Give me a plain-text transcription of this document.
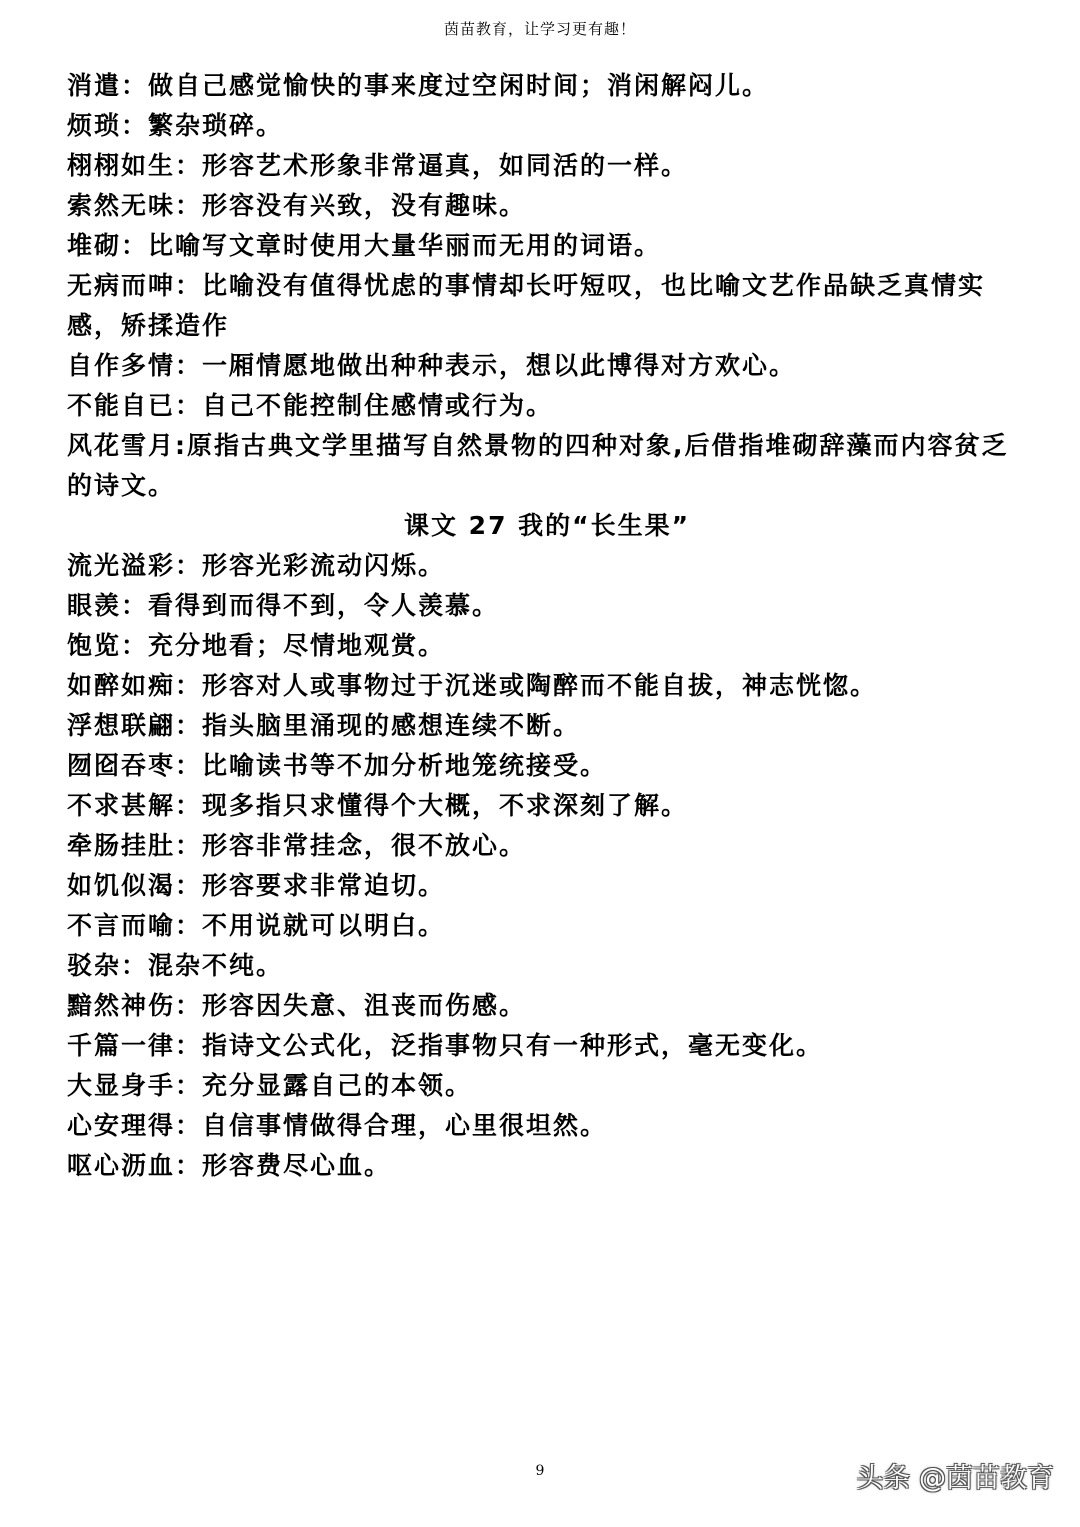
茵苗教育，让学习更有趣！

消遣：做自己感觉愉快的事来度过空闲时间；消闲解闷儿。

烦琐：繁杂琐碎。

栩栩如生：形容艺术形象非常逼真，如同活的一样。

索然无味：形容没有兴致，没有趣味。

堆砌：比喻写文章时使用大量华丽而无用的词语。

无病而呻：比喻没有值得忧虑的事情却长吁短叹，也比喻文艺作品缺乏真情实感，矫揉造作

自作多情：一厢情愿地做出种种表示，想以此博得对方欢心。

不能自已：自己不能控制住感情或行为。

风花雪月:原指古典文学里描写自然景物的四种对象,后借指堆砌辞藻而内容贫乏的诗文。

课文 27 我的“长生果”

流光溢彩：形容光彩流动闪烁。

眼羡：看得到而得不到，令人羡慕。

饱览：充分地看；尽情地观赏。

如醉如痴：形容对人或事物过于沉迷或陶醉而不能自拔，神志恍惚。

浮想联翩：指头脑里涌现的感想连续不断。

囫囵吞枣：比喻读书等不加分析地笼统接受。

不求甚解：现多指只求懂得个大概，不求深刻了解。

牵肠挂肚：形容非常挂念，很不放心。

如饥似渴：形容要求非常迫切。

不言而喻：不用说就可以明白。

驳杂：混杂不纯。

黯然神伤：形容因失意、沮丧而伤感。

千篇一律：指诗文公式化，泛指事物只有一种形式，毫无变化。

大显身手：充分显露自己的本领。

心安理得：自信事情做得合理，心里很坦然。

呕心沥血：形容费尽心血。

9	头条 @茵苗教育
